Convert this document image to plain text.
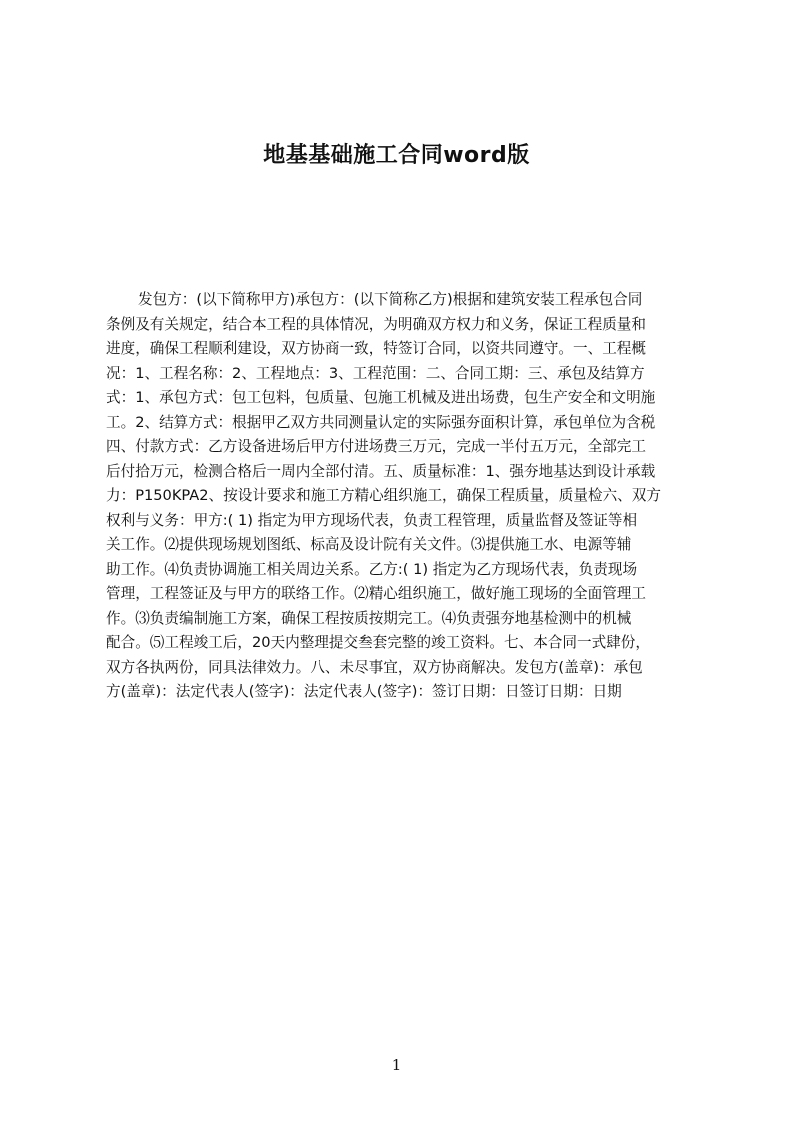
地基基础施工合同word版
发包方：(以下简称甲方)承包方：(以下简称乙方)根据和建筑安装工程承包合同
条例及有关规定，结合本工程的具体情况，为明确双方权力和义务，保证工程质量和
进度，确保工程顺利建设，双方协商一致，特签订合同，以资共同遵守。一、工程概
况：1、工程名称：2、工程地点：3、工程范围：二、合同工期：三、承包及结算方
式：1、承包方式：包工包料，包质量、包施工机械及进出场费，包生产安全和文明施
工。2、结算方式：根据甲乙双方共同测量认定的实际强夯面积计算，承包单位为含税
四、付款方式：乙方设备进场后甲方付进场费三万元，完成一半付五万元，全部完工
后付拾万元，检测合格后一周内全部付清。五、质量标准：1、强夯地基达到设计承载
力：P150KPA2、按设计要求和施工方精心组织施工，确保工程质量，质量检六、双方
权利与义务：甲方:( 1) 指定为甲方现场代表，负责工程管理，质量监督及签证等相
关工作。⑵提供现场规划图纸、标高及设计院有关文件。⑶提供施工水、电源等辅
助工作。⑷负责协调施工相关周边关系。乙方:( 1) 指定为乙方现场代表，负责现场
管理，工程签证及与甲方的联络工作。⑵精心组织施工，做好施工现场的全面管理工
作。⑶负责编制施工方案，确保工程按质按期完工。⑷负责强夯地基检测中的机械
配合。⑸工程竣工后，20天内整理提交叁套完整的竣工资料。七、本合同一式肆份，
双方各执两份，同具法律效力。八、未尽事宜，双方协商解决。发包方(盖章)：承包
方(盖章)：法定代表人(签字)：法定代表人(签字)：签订日期：日签订日期：日期
1
